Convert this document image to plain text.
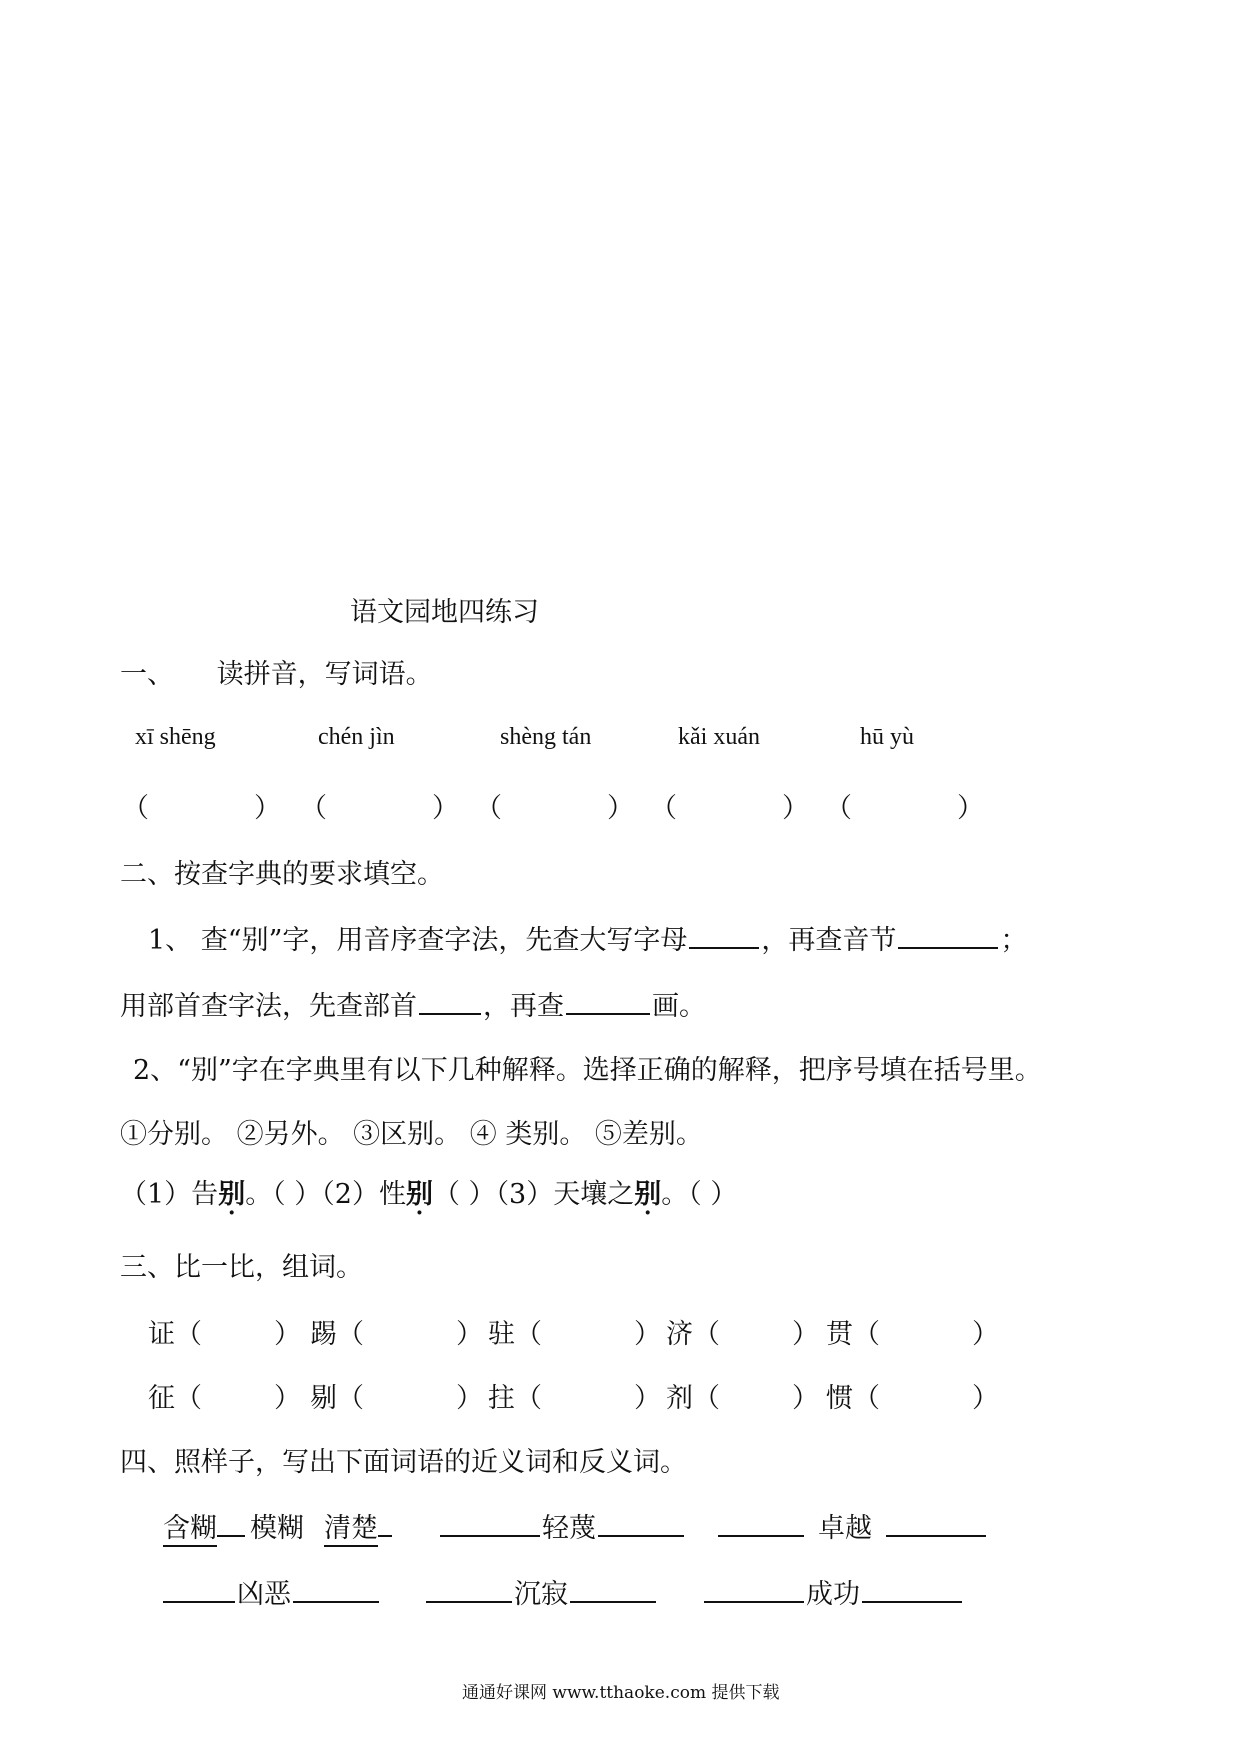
语文园地四练习
一、 读拼音，写词语。
xī shēng	chén jìn	shèng tán	kǎi xuán	hū yù
（	） （	） （	） （	） （	）
二、按查字典的要求填空。
1、 查“别”字，用音序查字法，先查大写字母	，再查音节	；
用部首查字法，先查部首 ，再查	画。
2、“别”字在字典里有以下几种解释。选择正确的解释，把序号填在括号里。
①分别。 ②另外。 ③区别。 ④ 类别。 ⑤差别。
（1）告别。（ ）（2）性别（ ）（3）天壤之别。（ ）
三、比一比，组词。
证（	） 踢（	） 驻（	） 济（	） 贯（	）
征（	） 剔（	） 拄（	） 剂（	） 惯（	）
四、照样子，写出下面词语的近义词和反义词。
含糊	模糊 清楚	轻蔑	卓越
凶恶	沉寂	成功
通通好课网 www.tthaoke.com 提供下载
